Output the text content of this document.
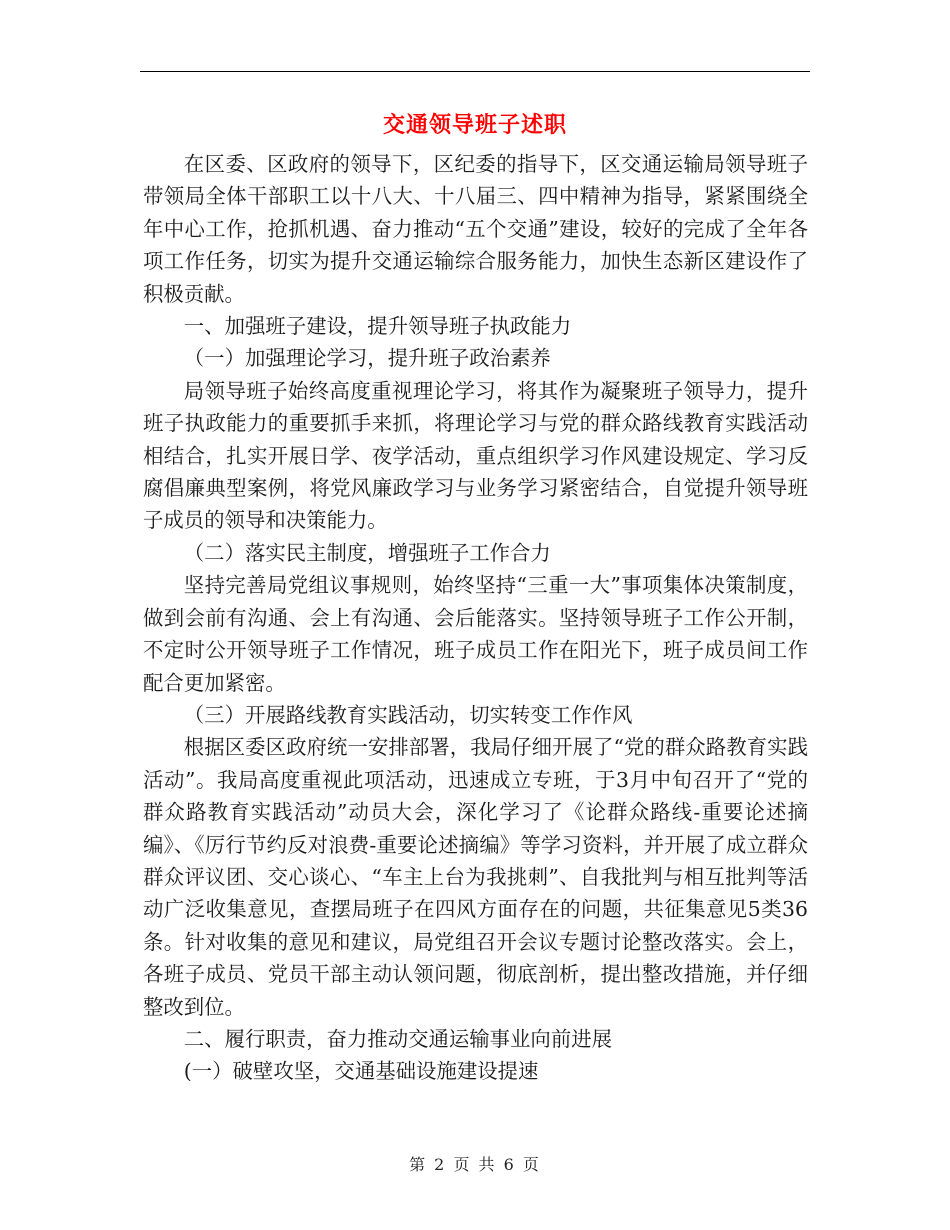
交通领导班子述职

在区委、区政府的领导下，区纪委的指导下，区交通运输局领导班子带领局全体干部职工以十八大、十八届三、四中精神为指导，紧紧围绕全年中心工作，抢抓机遇、奋力推动“五个交通”建设，较好的完成了全年各项工作任务，切实为提升交通运输综合服务能力，加快生态新区建设作了积极贡献。

一、加强班子建设，提升领导班子执政能力

（一）加强理论学习，提升班子政治素养

局领导班子始终高度重视理论学习，将其作为凝聚班子领导力，提升班子执政能力的重要抓手来抓，将理论学习与党的群众路线教育实践活动相结合，扎实开展日学、夜学活动，重点组织学习作风建设规定、学习反腐倡廉典型案例，将党风廉政学习与业务学习紧密结合，自觉提升领导班子成员的领导和决策能力。

（二）落实民主制度，增强班子工作合力

坚持完善局党组议事规则，始终坚持“三重一大”事项集体决策制度，做到会前有沟通、会上有沟通、会后能落实。坚持领导班子工作公开制，不定时公开领导班子工作情况，班子成员工作在阳光下，班子成员间工作配合更加紧密。

（三）开展路线教育实践活动，切实转变工作作风

根据区委区政府统一安排部署，我局仔细开展了“党的群众路教育实践活动”。我局高度重视此项活动，迅速成立专班，于3月中旬召开了“党的群众路教育实践活动”动员大会，深化学习了《论群众路线-重要论述摘编》、《厉行节约反对浪费-重要论述摘编》等学习资料，并开展了成立群众群众评议团、交心谈心、“车主上台为我挑刺”、自我批判与相互批判等活动广泛收集意见，查摆局班子在四风方面存在的问题，共征集意见5类36条。针对收集的意见和建议，局党组召开会议专题讨论整改落实。会上，各班子成员、党员干部主动认领问题，彻底剖析，提出整改措施，并仔细整改到位。

二、履行职责，奋力推动交通运输事业向前进展

(一）破壁攻坚，交通基础设施建设提速

第 2 页 共 6 页
